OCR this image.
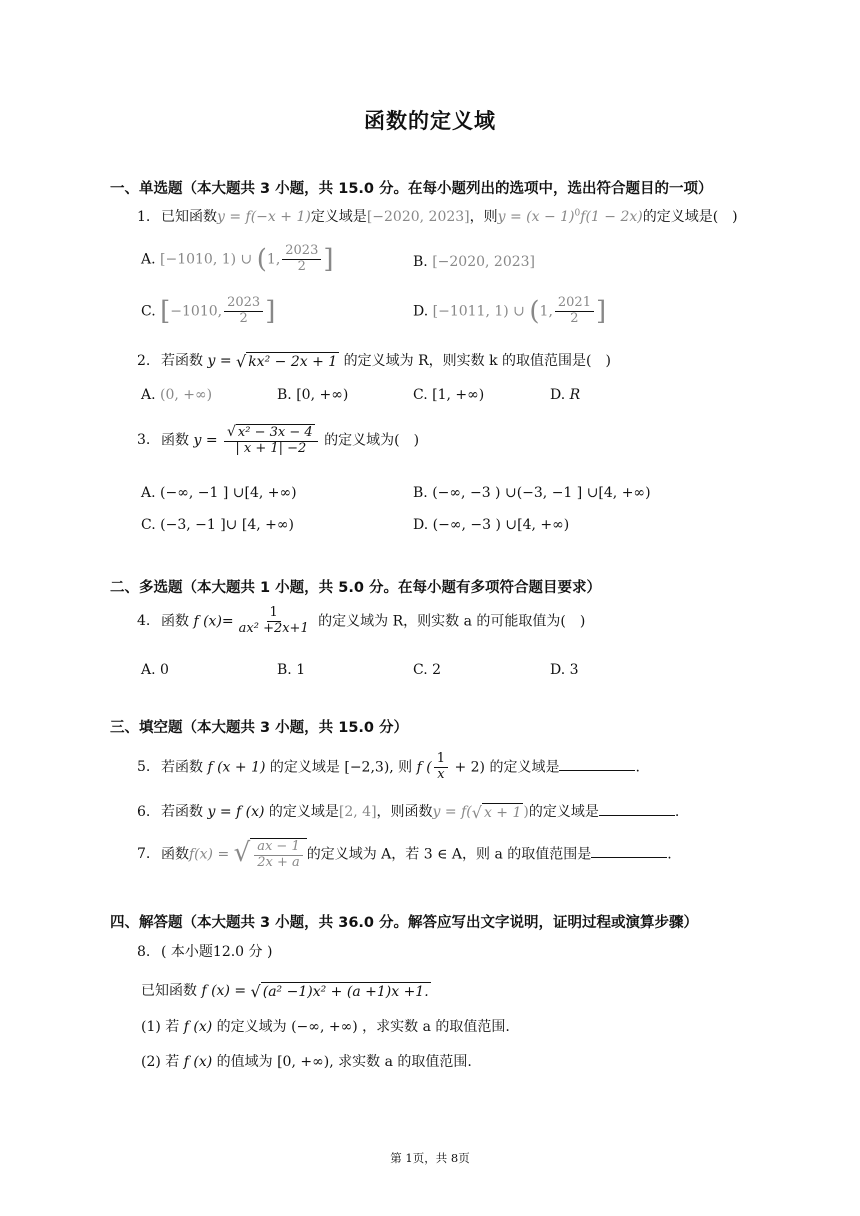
函数的定义域
一、单选题（本大题共 3 小题，共 15.0 分。在每小题列出的选项中，选出符合题目的一项）
1. 已知函数y = f(−x + 1)定义域是[−2020, 2023]，则$y = (x - 1)^0f(1 - 2x)$的定义域是(　)
A. [−1010, 1) ∪ (1, $\frac{2023}{2}$ ]	B. [−2020, 2023]
C. [−1010, $\frac{2023}{2}$ ]	D. [−1011, 1) ∪ (1, $\frac{2021}{2}$ ]
2. 若函数 y = √ kx² − 2x + 1 的定义域为 R，则实数 k 的取值范围是(　)
A. (0, +∞)	B. [0, +∞)	C. [1, +∞)	D. R
3. 函数 $y = \frac{\text{√ x² − 3x − 4}}{| x + 1| -2}$ 的定义域为(　)
A. (−∞, −1 ] ∪[4, +∞)	B. (−∞, −3 ) ∪(−3, −1 ] ∪[4, +∞)
C. (−3, −1 ]∪ [4, +∞)	D. (−∞, −3 ) ∪[4, +∞)
二、多选题（本大题共 1 小题，共 5.0 分。在每小题有多项符合题目要求）
4. 函数 f $(x)= \frac{1}{\text{ax² +2x+1}}$ 的定义域为 R，则实数 a 的可能取值为(　)
A. 0	B. 1	C. 2	D. 3
三、填空题（本大题共 3 小题，共 15.0 分）
5. 若函数 f (x + 1) 的定义域是 [−2,3), 则 f ( $\frac{1}{x} + 2$) 的定义域是	.
6. 若函数 y = f (x) 的定义域是[2, 4]，则函数y = f( √ x + 1 )的定义域是	.
7. 函数f(x) = √ $\frac{ax - 1}{2x + a}$ 的定义域为 A，若 3 ∈ A，则 a 的取值范围是	.
四、解答题（本大题共 3 小题，共 36.0 分。解答应写出文字说明，证明过程或演算步骤）
8. ( 本小题12.0 分 )
已知函数 f (x) = √ (a² −1)x² + (a +1)x +1.
(1) 若 f (x) 的定义域为 (−∞, +∞) ，求实数 a 的取值范围.
(2) 若 f (x) 的值域为 [0, +∞), 求实数 a 的取值范围.
第 1页，共 8页
